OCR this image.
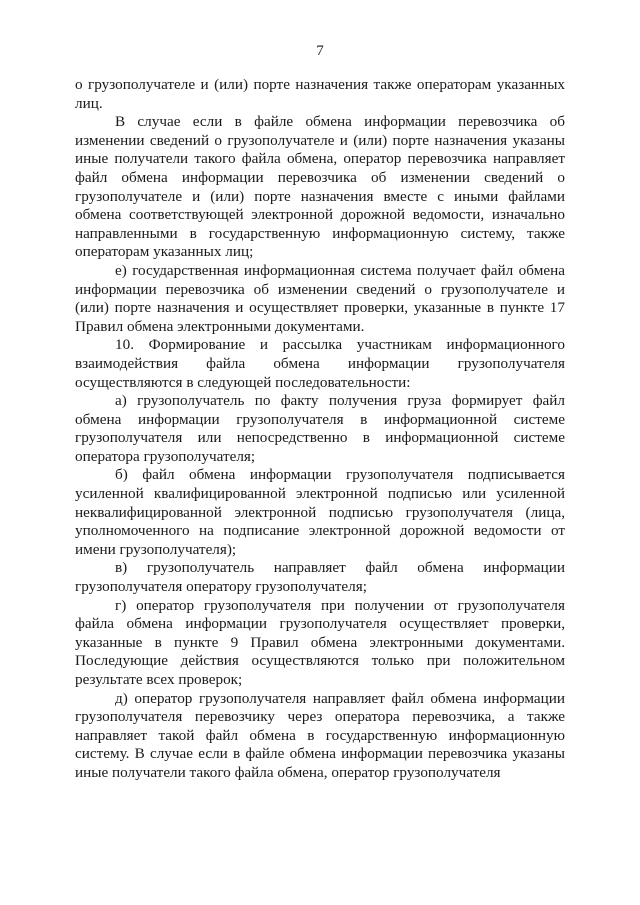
7

о грузополучателе и (или) порте назначения также операторам указанных лиц.

В случае если в файле обмена информации перевозчика об изменении сведений о грузополучателе и (или) порте назначения указаны иные получатели такого файла обмена, оператор перевозчика направляет файл обмена информации перевозчика об изменении сведений о грузополучателе и (или) порте назначения вместе с иными файлами обмена соответствующей электронной дорожной ведомости, изначально направленными в государственную информационную систему, также операторам указанных лиц;

е) государственная информационная система получает файл обмена информации перевозчика об изменении сведений о грузополучателе и (или) порте назначения и осуществляет проверки, указанные в пункте 17 Правил обмена электронными документами.

10. Формирование и рассылка участникам информационного взаимодействия файла обмена информации грузополучателя осуществляются в следующей последовательности:

а) грузополучатель по факту получения груза формирует файл обмена информации грузополучателя в информационной системе грузополучателя или непосредственно в информационной системе оператора грузополучателя;

б) файл обмена информации грузополучателя подписывается усиленной квалифицированной электронной подписью или усиленной неквалифицированной электронной подписью грузополучателя (лица, уполномоченного на подписание электронной дорожной ведомости от имени грузополучателя);

в) грузополучатель направляет файл обмена информации грузополучателя оператору грузополучателя;

г) оператор грузополучателя при получении от грузополучателя файла обмена информации грузополучателя осуществляет проверки, указанные в пункте 9 Правил обмена электронными документами. Последующие действия осуществляются только при положительном результате всех проверок;

д) оператор грузополучателя направляет файл обмена информации грузополучателя перевозчику через оператора перевозчика, а также направляет такой файл обмена в государственную информационную систему. В случае если в файле обмена информации перевозчика указаны иные получатели такого файла обмена, оператор грузополучателя
